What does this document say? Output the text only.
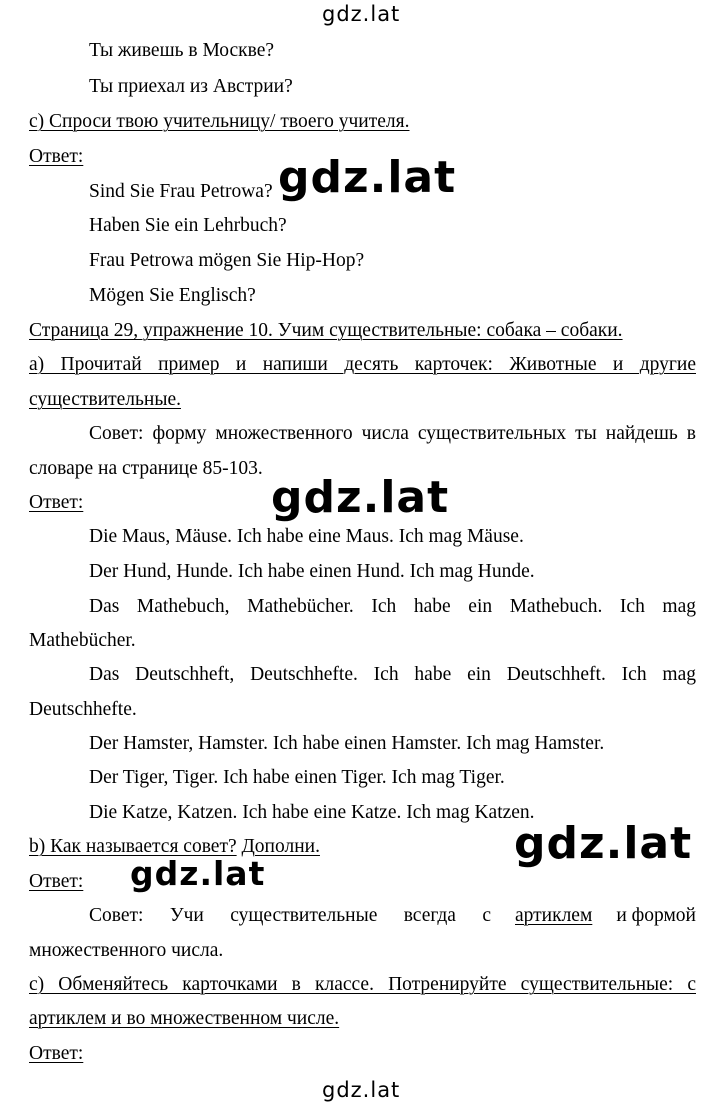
gdz.lat
Ты живешь в Москве?
Ты приехал из Австрии?
c) Спроси твою учительницу/ твоего учителя.
Ответ:
Sind Sie Frau Petrowa?
Haben Sie ein Lehrbuch?
Frau Petrowa mögen Sie Hip-Hop?
Mögen Sie Englisch?
Страница 29, упражнение 10. Учим существительные: собака – собаки.
a) Прочитай пример и напиши десять карточек: Животные и другие
существительные.
Совет: форму множественного числа существительных ты найдешь в
словаре на странице 85-103.
Ответ:
Die Maus, Mäuse. Ich habe eine Maus. Ich mag Mäuse.
Der Hund, Hunde. Ich habe einen Hund. Ich mag Hunde.
Das Mathebuch, Mathebücher. Ich habe ein Mathebuch. Ich mag
Mathebücher.
Das Deutschheft, Deutschhefte. Ich habe ein Deutschheft. Ich mag
Deutschhefte.
Der Hamster, Hamster. Ich habe einen Hamster. Ich mag Hamster.
Der Tiger, Tiger. Ich habe einen Tiger. Ich mag Tiger.
Die Katze, Katzen. Ich habe eine Katze. Ich mag Katzen.
b) Как называется совет? Дополни.
Ответ:
Совет: Учи существительные всегда с артиклем и формой
множественного числа.
c) Обменяйтесь карточками в классе. Потренируйте существительные: с
артиклем и во множественном числе.
Ответ:
gdz.lat
gdz.lat
gdz.lat
gdz.lat
gdz.lat
